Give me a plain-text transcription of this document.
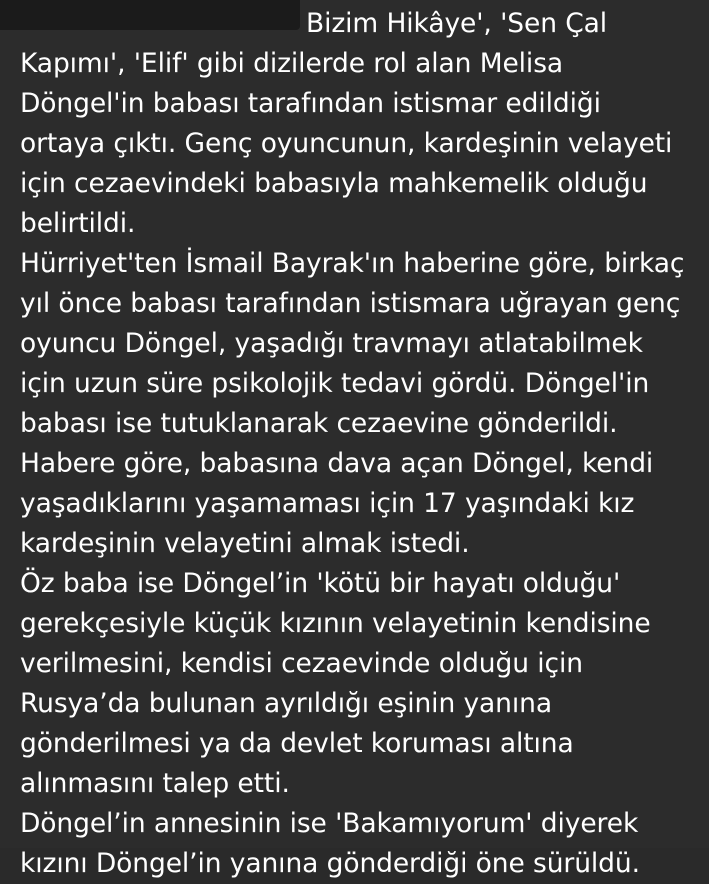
Bizim Hikâye', 'Sen Çal Kapımı', 'Elif' gibi dizilerde rol alan Melisa Döngel'in babası tarafından istismar edildiği ortaya çıktı. Genç oyuncunun, kardeşinin velayeti için cezaevindeki babasıyla mahkemelik olduğu belirtildi.

Hürriyet'ten İsmail Bayrak'ın haberine göre, birkaç yıl önce babası tarafından istismara uğrayan genç oyuncu Döngel, yaşadığı travmayı atlatabilmek için uzun süre psikolojik tedavi gördü. Döngel'in babası ise tutuklanarak cezaevine gönderildi.

Habere göre, babasına dava açan Döngel, kendi yaşadıklarını yaşamaması için 17 yaşındaki kız kardeşinin velayetini almak istedi.

Öz baba ise Döngel’in 'kötü bir hayatı olduğu' gerekçesiyle küçük kızının velayetinin kendisine verilmesini, kendisi cezaevinde olduğu için Rusya’da bulunan ayrıldığı eşinin yanına gönderilmesi ya da devlet koruması altına alınmasını talep etti.

Döngel’in annesinin ise 'Bakamıyorum' diyerek kızını Döngel’in yanına gönderdiği öne sürüldü.
